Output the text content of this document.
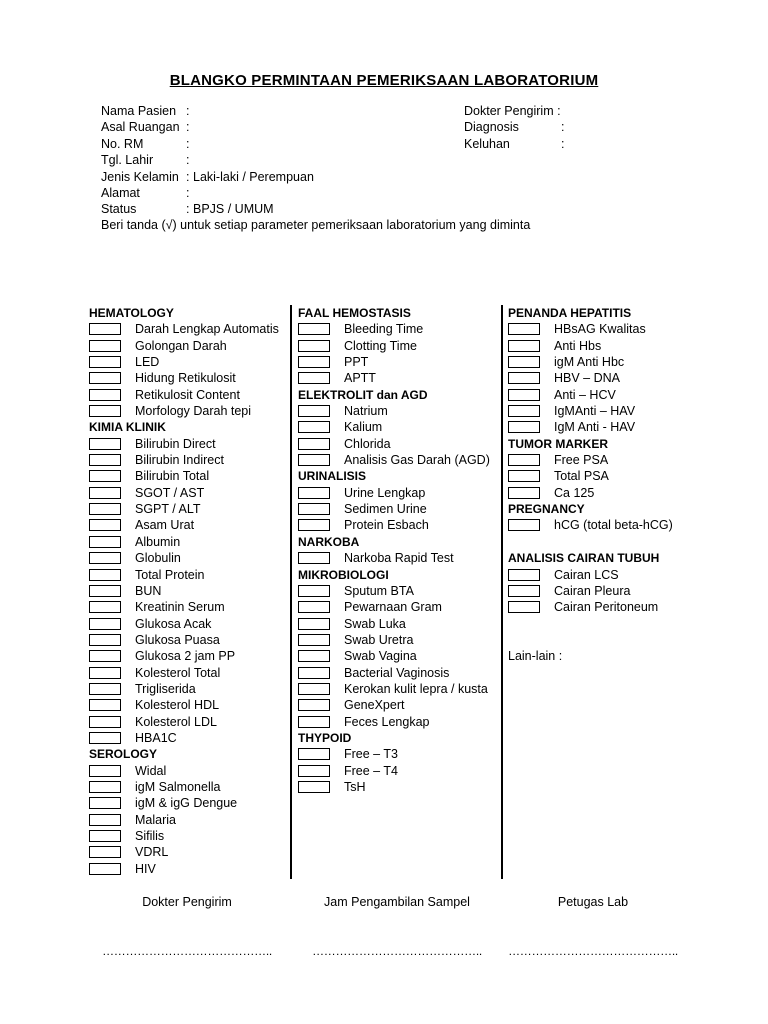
BLANGKO PERMINTAAN PEMERIKSAAN LABORATORIUM
Nama Pasien :
Asal Ruangan :
No. RM	:
Tgl. Lahir	:
Jenis Kelamin : Laki-laki / Perempuan
Alamat	:
Status	: BPJS / UMUM
Dokter Pengirim :
Diagnosis	:
Keluhan	:
Beri tanda (√) untuk setiap parameter pemeriksaan laboratorium yang diminta
HEMATOLOGY
Darah Lengkap Automatis
Golongan Darah
LED
Hidung Retikulosit
Retikulosit Content
Morfology Darah tepi
KIMIA KLINIK
Bilirubin Direct
Bilirubin Indirect
Bilirubin Total
SGOT / AST
SGPT / ALT
Asam Urat
Albumin
Globulin
Total Protein
BUN
Kreatinin Serum
Glukosa Acak
Glukosa Puasa
Glukosa 2 jam PP
Kolesterol Total
Trigliserida
Kolesterol HDL
Kolesterol LDL
HBA1C
SEROLOGY
Widal
igM Salmonella
igM & igG Dengue
Malaria
Sifilis
VDRL
HIV
FAAL HEMOSTASIS
Bleeding Time
Clotting Time
PPT
APTT
ELEKTROLIT dan AGD
Natrium
Kalium
Chlorida
Analisis Gas Darah (AGD)
URINALISIS
Urine Lengkap
Sedimen Urine
Protein Esbach
NARKOBA
Narkoba Rapid Test
MIKROBIOLOGI
Sputum BTA
Pewarnaan Gram
Swab Luka
Swab Uretra
Swab Vagina
Bacterial Vaginosis
Kerokan kulit lepra / kusta
GeneXpert
Feces Lengkap
THYPOID
Free – T3
Free – T4
TsH
PENANDA HEPATITIS
HBsAG Kwalitas
Anti Hbs
igM Anti Hbc
HBV – DNA
Anti – HCV
IgMAnti – HAV
IgM Anti - HAV
TUMOR MARKER
Free PSA
Total PSA
Ca 125
PREGNANCY
hCG (total beta-hCG)
ANALISIS CAIRAN TUBUH
Cairan LCS
Cairan Pleura
Cairan Peritoneum
Lain-lain :
Dokter Pengirim	Jam Pengambilan Sampel	Petugas Lab
……………………………………..	……………………………………..	……………………………………..
